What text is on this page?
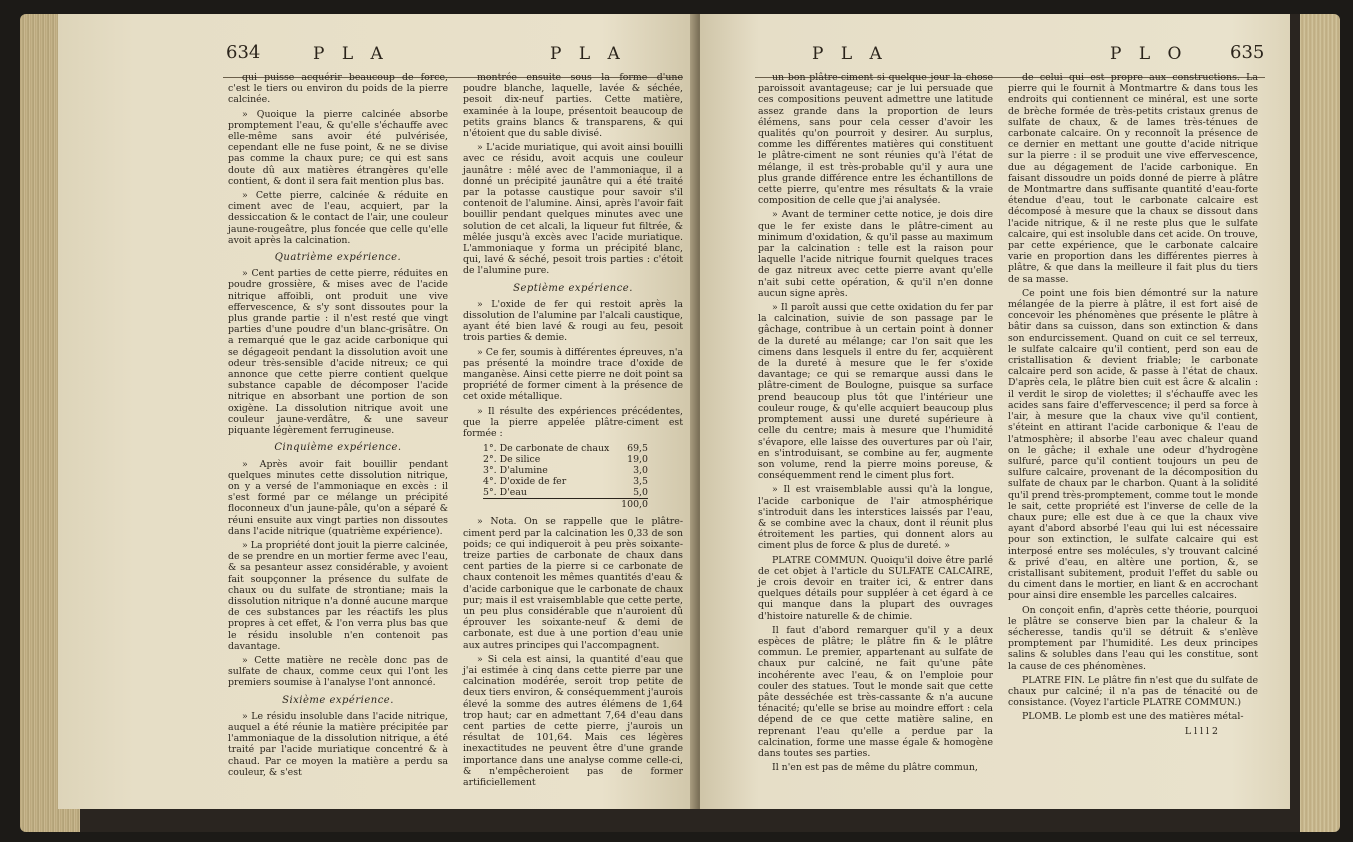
634	P L A	P L A

qui puisse acquérir beaucoup de force, c'est le tiers ou environ du poids de la pierre calcinée.

» Quoique la pierre calcinée absorbe promptement l'eau, & qu'elle s'échauffe avec elle-même sans avoir été pulvérisée, cependant elle ne fuse point, & ne se divise pas comme la chaux pure; ce qui est sans doute dû aux matières étrangères qu'elle contient, & dont il sera fait mention plus bas.

» Cette pierre, calcinée & réduite en ciment avec de l'eau, acquiert, par la dessiccation & le contact de l'air, une couleur jaune-rougeâtre, plus foncée que celle qu'elle avoit après la calcination.

Quatrième expérience.

» Cent parties de cette pierre, réduites en poudre grossière, & mises avec de l'acide nitrique affoibli, ont produit une vive effervescence, & s'y sont dissoutes pour la plus grande partie : il n'est resté que vingt parties d'une poudre d'un blanc-grisâtre. On a remarqué que le gaz acide carbonique qui se dégageoit pendant la dissolution avoit une odeur très-sensible d'acide nitreux; ce qui annonce que cette pierre contient quelque substance capable de décomposer l'acide nitrique en absorbant une portion de son oxigène. La dissolution nitrique avoit une couleur jaune-verdâtre, & une saveur piquante légèrement ferrugineuse.

Cinquième expérience.

» Après avoir fait bouillir pendant quelques minutes cette dissolution nitrique, on y a versé de l'ammoniaque en excès : il s'est formé par ce mélange un précipité floconneux d'un jaune-pâle, qu'on a séparé & réuni ensuite aux vingt parties non dissoutes dans l'acide nitrique (quatrième expérience).

» La propriété dont jouit la pierre calcinée, de se prendre en un mortier ferme avec l'eau, & sa pesanteur assez considérable, y avoient fait soupçonner la présence du sulfate de chaux ou du sulfate de strontiane; mais la dissolution nitrique n'a donné aucune marque de ces substances par les réactifs les plus propres à cet effet, & l'on verra plus bas que le résidu insoluble n'en contenoit pas davantage.

» Cette matière ne recèle donc pas de sulfate de chaux, comme ceux qui l'ont les premiers soumise à l'analyse l'ont annoncé.

Sixième expérience.

» Le résidu insoluble dans l'acide nitrique, auquel a été réunie la matière précipitée par l'ammoniaque de la dissolution nitrique, a été traité par l'acide muriatique concentré & à chaud. Par ce moyen la matière a perdu sa couleur, & s'est

montrée ensuite sous la forme d'une poudre blanche, laquelle, lavée & séchée, pesoit dix-neuf parties. Cette matière, examinée à la loupe, présentoit beaucoup de petits grains blancs & transparens, & qui n'étoient que du sable divisé.

» L'acide muriatique, qui avoit ainsi bouilli avec ce résidu, avoit acquis une couleur jaunâtre : mêlé avec de l'ammoniaque, il a donné un précipité jaunâtre qui a été traité par la potasse caustique pour savoir s'il contenoit de l'alumine. Ainsi, après l'avoir fait bouillir pendant quelques minutes avec une solution de cet alcali, la liqueur fut filtrée, & mêlée jusqu'à excès avec l'acide muriatique. L'ammoniaque y forma un précipité blanc, qui, lavé & séché, pesoit trois parties : c'étoit de l'alumine pure.

Septième expérience.

» L'oxide de fer qui restoit après la dissolution de l'alumine par l'alcali caustique, ayant été bien lavé & rougi au feu, pesoit trois parties & demie.

» Ce fer, soumis à différentes épreuves, n'a pas présenté la moindre trace d'oxide de manganèse. Ainsi cette pierre ne doit point sa propriété de former ciment à la présence de cet oxide métallique.

» Il résulte des expériences précédentes, que la pierre appelée plâtre-ciment est formée :

1°. De carbonate de chaux	69,5
2°. De silice	19,0
3°. D'alumine	3,0
4°. D'oxide de fer	3,5
5°. D'eau	5,0
	100,0

» Nota. On se rappelle que le plâtre-ciment perd par la calcination les 0,33 de son poids; ce qui indiqueroit à peu près soixante-treize parties de carbonate de chaux dans cent parties de la pierre si ce carbonate de chaux contenoit les mêmes quantités d'eau & d'acide carbonique que le carbonate de chaux pur; mais il est vraisemblable que cette perte, un peu plus considérable que n'auroient dû éprouver les soixante-neuf & demi de carbonate, est due à une portion d'eau unie aux autres principes qui l'accompagnent.

» Si cela est ainsi, la quantité d'eau que j'ai estimée à cinq dans cette pierre par une calcination modérée, seroit trop petite de deux tiers environ, & conséquemment j'aurois élevé la somme des autres élémens de 1,64 trop haut; car en admettant 7,64 d'eau dans cent parties de cette pierre, j'aurois un résultat de 101,64. Mais ces légères inexactitudes ne peuvent être d'une grande importance dans une analyse comme celle-ci, & n'empêcheroient pas de former artificiellement

P L A	P L O 635

un bon plâtre-ciment si quelque jour la chose paroissoit avantageuse; car je lui persuade que ces compositions peuvent admettre une latitude assez grande dans la proportion de leurs élémens, sans pour cela cesser d'avoir les qualités qu'on pourroit y desirer. Au surplus, comme les différentes matières qui constituent le plâtre-ciment ne sont réunies qu'à l'état de mélange, il est très-probable qu'il y aura une plus grande différence entre les échantillons de cette pierre, qu'entre mes résultats & la vraie composition de celle que j'ai analysée.

» Avant de terminer cette notice, je dois dire que le fer existe dans le plâtre-ciment au minimum d'oxidation, & qu'il passe au maximum par la calcination : telle est la raison pour laquelle l'acide nitrique fournit quelques traces de gaz nitreux avec cette pierre avant qu'elle n'ait subi cette opération, & qu'il n'en donne aucun signe après.

» Il paroît aussi que cette oxidation du fer par la calcination, suivie de son passage par le gâchage, contribue à un certain point à donner de la dureté au mélange; car l'on sait que les cimens dans lesquels il entre du fer, acquièrent de la dureté à mesure que le fer s'oxide davantage; ce qui se remarque aussi dans le plâtre-ciment de Boulogne, puisque sa surface prend beaucoup plus tôt que l'intérieur une couleur rouge, & qu'elle acquiert beaucoup plus promptement aussi une dureté supérieure à celle du centre; mais à mesure que l'humidité s'évapore, elle laisse des ouvertures par où l'air, en s'introduisant, se combine au fer, augmente son volume, rend la pierre moins poreuse, & conséquemment rend le ciment plus fort.

» Il est vraisemblable aussi qu'à la longue, l'acide carbonique de l'air atmosphérique s'introduit dans les interstices laissés par l'eau, & se combine avec la chaux, dont il réunit plus étroitement les parties, qui donnent alors au ciment plus de force & plus de dureté. »

PLATRE COMMUN. Quoiqu'il doive être parlé de cet objet à l'article du SULFATE CALCAIRE, je crois devoir en traiter ici, & entrer dans quelques détails pour suppléer à cet égard à ce qui manque dans la plupart des ouvrages d'histoire naturelle & de chimie.

Il faut d'abord remarquer qu'il y a deux espèces de plâtre; le plâtre fin & le plâtre commun. Le premier, appartenant au sulfate de chaux pur calciné, ne fait qu'une pâte incohérente avec l'eau, & on l'emploie pour couler des statues. Tout le monde sait que cette pâte desséchée est très-cassante & n'a aucune ténacité; qu'elle se brise au moindre effort : cela dépend de ce que cette matière saline, en reprenant l'eau qu'elle a perdue par la calcination, forme une masse égale & homogène dans toutes ses parties.

Il n'en est pas de même du plâtre commun,

de celui qui est propre aux constructions. La pierre qui le fournit à Montmartre & dans tous les endroits qui contiennent ce minéral, est une sorte de brèche formée de très-petits cristaux grenus de sulfate de chaux, & de lames très-ténues de carbonate calcaire. On y reconnoît la présence de ce dernier en mettant une goutte d'acide nitrique sur la pierre : il se produit une vive effervescence, due au dégagement de l'acide carbonique. En faisant dissoudre un poids donné de pierre à plâtre de Montmartre dans suffisante quantité d'eau-forte étendue d'eau, tout le carbonate calcaire est décomposé à mesure que la chaux se dissout dans l'acide nitrique, & il ne reste plus que le sulfate calcaire, qui est insoluble dans cet acide. On trouve, par cette expérience, que le carbonate calcaire varie en proportion dans les différentes pierres à plâtre, & que dans la meilleure il fait plus du tiers de sa masse.

Ce point une fois bien démontré sur la nature mélangée de la pierre à plâtre, il est fort aisé de concevoir les phénomènes que présente le plâtre à bâtir dans sa cuisson, dans son extinction & dans son endurcissement. Quand on cuit ce sel terreux, le sulfate calcaire qu'il contient, perd son eau de cristallisation & devient friable; le carbonate calcaire perd son acide, & passe à l'état de chaux. D'après cela, le plâtre bien cuit est âcre & alcalin : il verdit le sirop de violettes; il s'échauffe avec les acides sans faire d'effervescence; il perd sa force à l'air, à mesure que la chaux vive qu'il contient, s'éteint en attirant l'acide carbonique & l'eau de l'atmosphère; il absorbe l'eau avec chaleur quand on le gâche; il exhale une odeur d'hydrogène sulfuré, parce qu'il contient toujours un peu de sulfure calcaire, provenant de la décomposition du sulfate de chaux par le charbon. Quant à la solidité qu'il prend très-promptement, comme tout le monde le sait, cette propriété est l'inverse de celle de la chaux pure; elle est due à ce que la chaux vive ayant d'abord absorbé l'eau qui lui est nécessaire pour son extinction, le sulfate calcaire qui est interposé entre ses molécules, s'y trouvant calciné & privé d'eau, en altère une portion, &, se cristallisant subitement, produit l'effet du sable ou du ciment dans le mortier, en liant & en accrochant pour ainsi dire ensemble les parcelles calcaires.

On conçoit enfin, d'après cette théorie, pourquoi le plâtre se conserve bien par la chaleur & la sécheresse, tandis qu'il se détruit & s'enlève promptement par l'humidité. Les deux principes salins & solubles dans l'eau qui les constitue, sont la cause de ces phénomènes.

PLATRE FIN. Le plâtre fin n'est que du sulfate de chaux pur calciné; il n'a pas de ténacité ou de consistance. (Voyez l'article PLATRE COMMUN.)

PLOMB. Le plomb est une des matières métal-

L l l l 2
